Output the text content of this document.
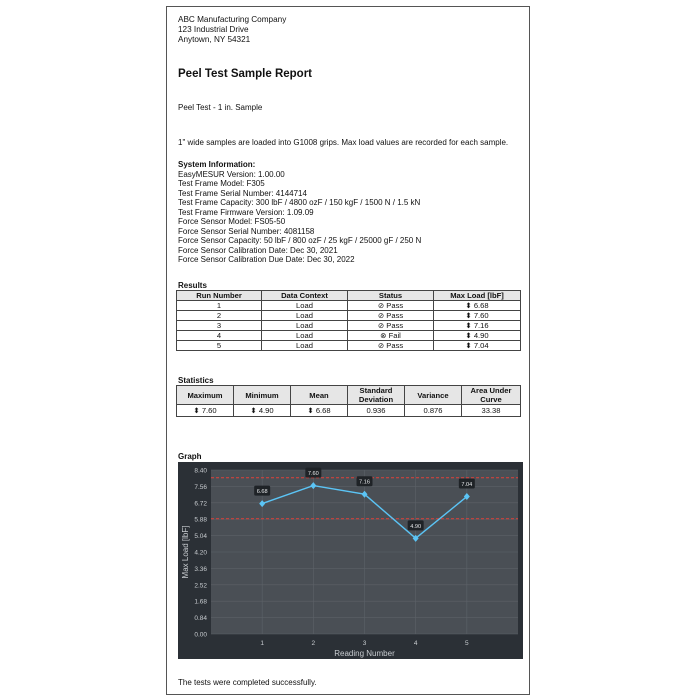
ABC Manufacturing Company
123 Industrial Drive
Anytown, NY 54321
Peel Test Sample Report
Peel Test - 1 in. Sample
1" wide samples are loaded into G1008 grips. Max load values are recorded for each sample.
System Information:
EasyMESUR Version: 1.00.00
Test Frame Model: F305
Test Frame Serial Number: 4144714
Test Frame Capacity: 300 lbF / 4800 ozF / 150 kgF / 1500 N / 1.5 kN
Test Frame Firmware Version: 1.09.09
Force Sensor Model: FS05-50
Force Sensor Serial Number: 4081158
Force Sensor Capacity: 50 lbF / 800 ozF / 25 kgF / 25000 gF / 250 N
Force Sensor Calibration Date: Dec 30, 2021
Force Sensor Calibration Due Date: Dec 30, 2022
Results
Run Number	Data Context	Status	Max Load [lbF]
1	Load	⊘ Pass	⬍ 6.68
2	Load	⊘ Pass	⬍ 7.60
3	Load	⊘ Pass	⬍ 7.16
4	Load	⊗ Fail	⬍ 4.90
5	Load	⊘ Pass	⬍ 7.04
Statistics
Maximum	Minimum	Mean	Standard Deviation	Variance	Area Under Curve
⬍ 7.60	⬍ 4.90	⬍ 6.68	0.936	0.876	33.38
Graph
0.00
0.84
1.68
2.52
3.36
4.20
5.04
5.88
6.72
7.56
8.40
1	2	3	4	5
6.68
7.60
7.16
4.90
7.04
Reading Number
Max Load [lbF]
The tests were completed successfully.
